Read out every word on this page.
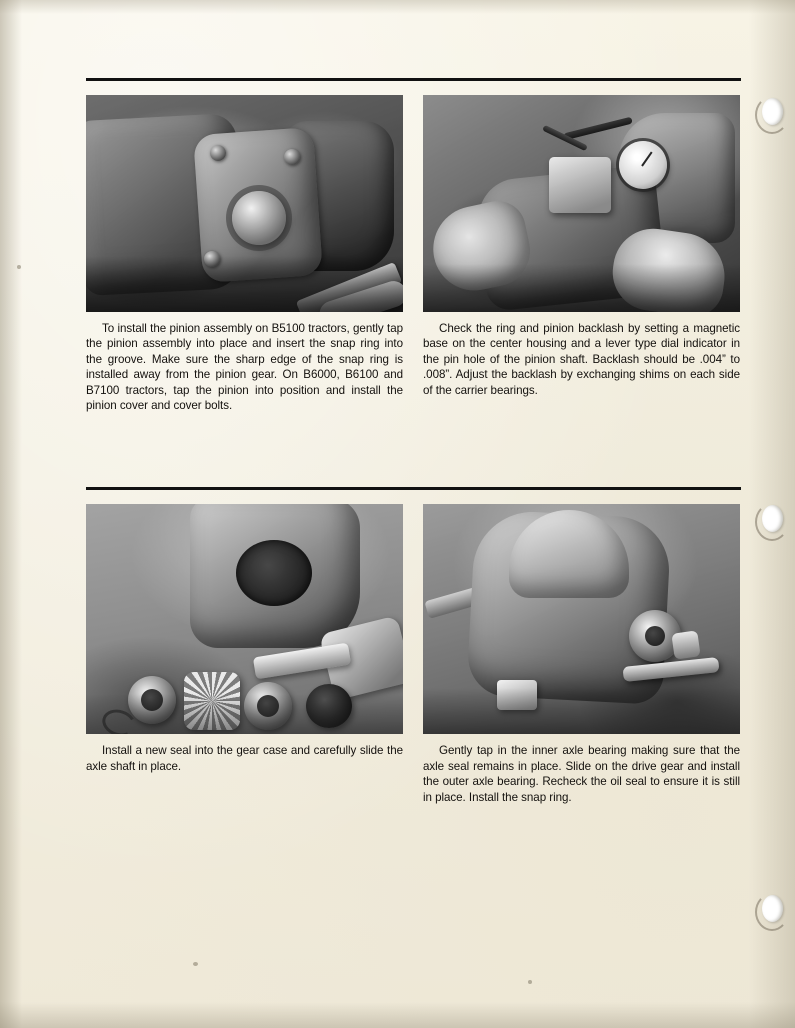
To install the pinion assembly on B5100 tractors, gently tap the pinion assembly into place and insert the snap ring into the groove. Make sure the sharp edge of the snap ring is installed away from the pinion gear. On B6000, B6100 and B7100 tractors, tap the pinion into position and install the pinion cover and cover bolts.
Check the ring and pinion backlash by setting a magnetic base on the center housing and a lever type dial indicator in the pin hole of the pinion shaft. Backlash should be .004” to .008”. Adjust the backlash by exchanging shims on each side of the carrier bearings.
Install a new seal into the gear case and carefully slide the axle shaft in place.
Gently tap in the inner axle bearing making sure that the axle seal remains in place. Slide on the drive gear and install the outer axle bearing. Recheck the oil seal to ensure it is still in place. Install the snap ring.
